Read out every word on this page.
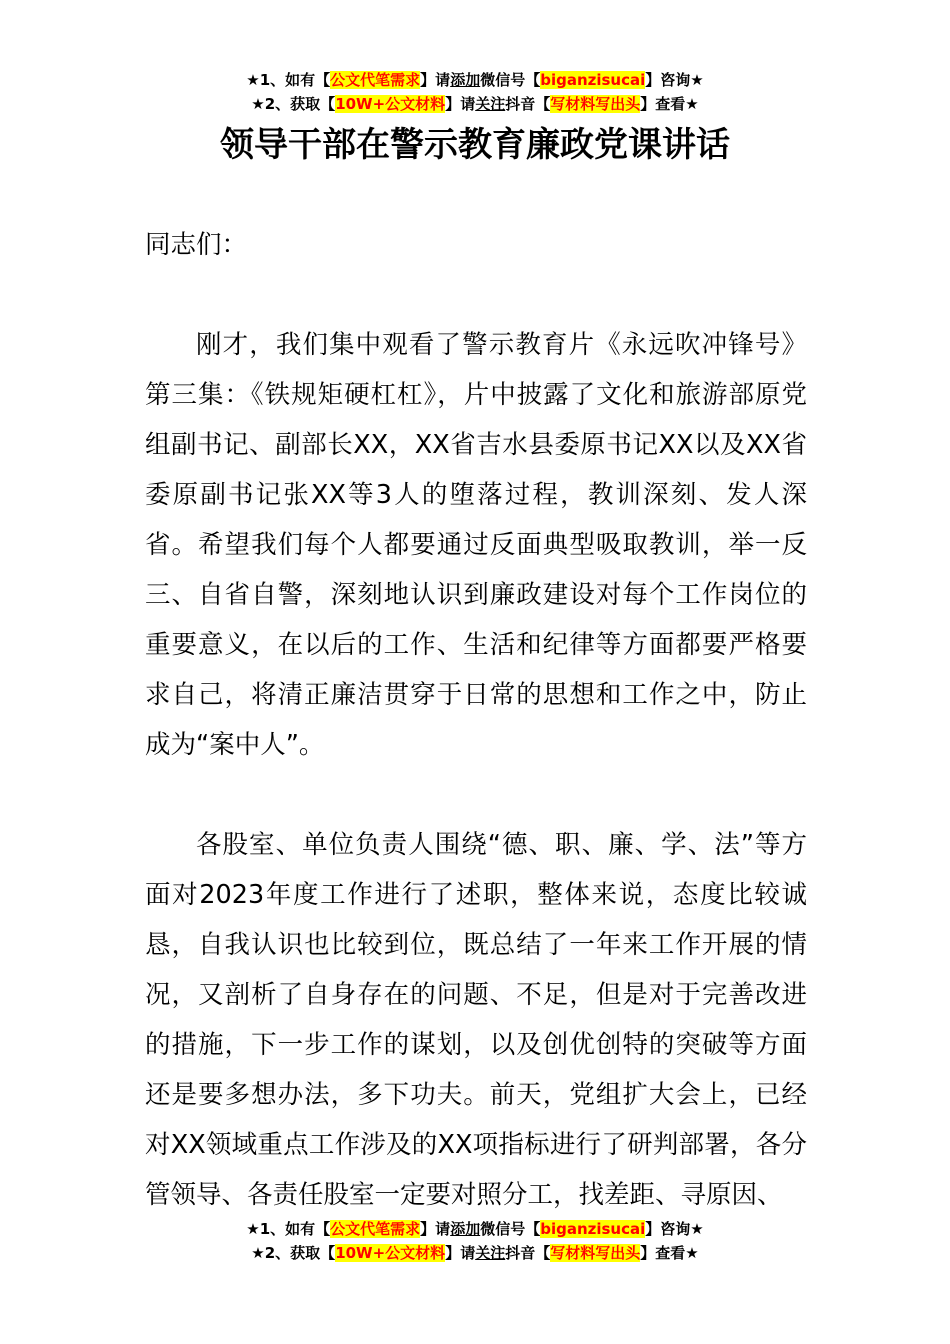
★1、如有【公文代笔需求】请添加微信号【biganzisucai】咨询★
★2、获取【10W+公文材料】请关注抖音【写材料写出头】查看★
领导干部在警示教育廉政党课讲话

同志们：

刚才，我们集中观看了警示教育片《永远吹冲锋号》第三集：《铁规矩硬杠杠》，片中披露了文化和旅游部原党组副书记、副部长XX，XX省吉水县委原书记XX以及XX省委原副书记张XX等3人的堕落过程，教训深刻、发人深省。希望我们每个人都要通过反面典型吸取教训，举一反三、自省自警，深刻地认识到廉政建设对每个工作岗位的重要意义，在以后的工作、生活和纪律等方面都要严格要求自己，将清正廉洁贯穿于日常的思想和工作之中，防止成为“案中人”。

各股室、单位负责人围绕“德、职、廉、学、法”等方面对2023年度工作进行了述职，整体来说，态度比较诚恳，自我认识也比较到位，既总结了一年来工作开展的情况，又剖析了自身存在的问题、不足，但是对于完善改进的措施，下一步工作的谋划，以及创优创特的突破等方面还是要多想办法，多下功夫。前天，党组扩大会上，已经对XX领域重点工作涉及的XX项指标进行了研判部署，各分管领导、各责任股室一定要对照分工，找差距、寻原因、

★1、如有【公文代笔需求】请添加微信号【biganzisucai】咨询★
★2、获取【10W+公文材料】请关注抖音【写材料写出头】查看★
